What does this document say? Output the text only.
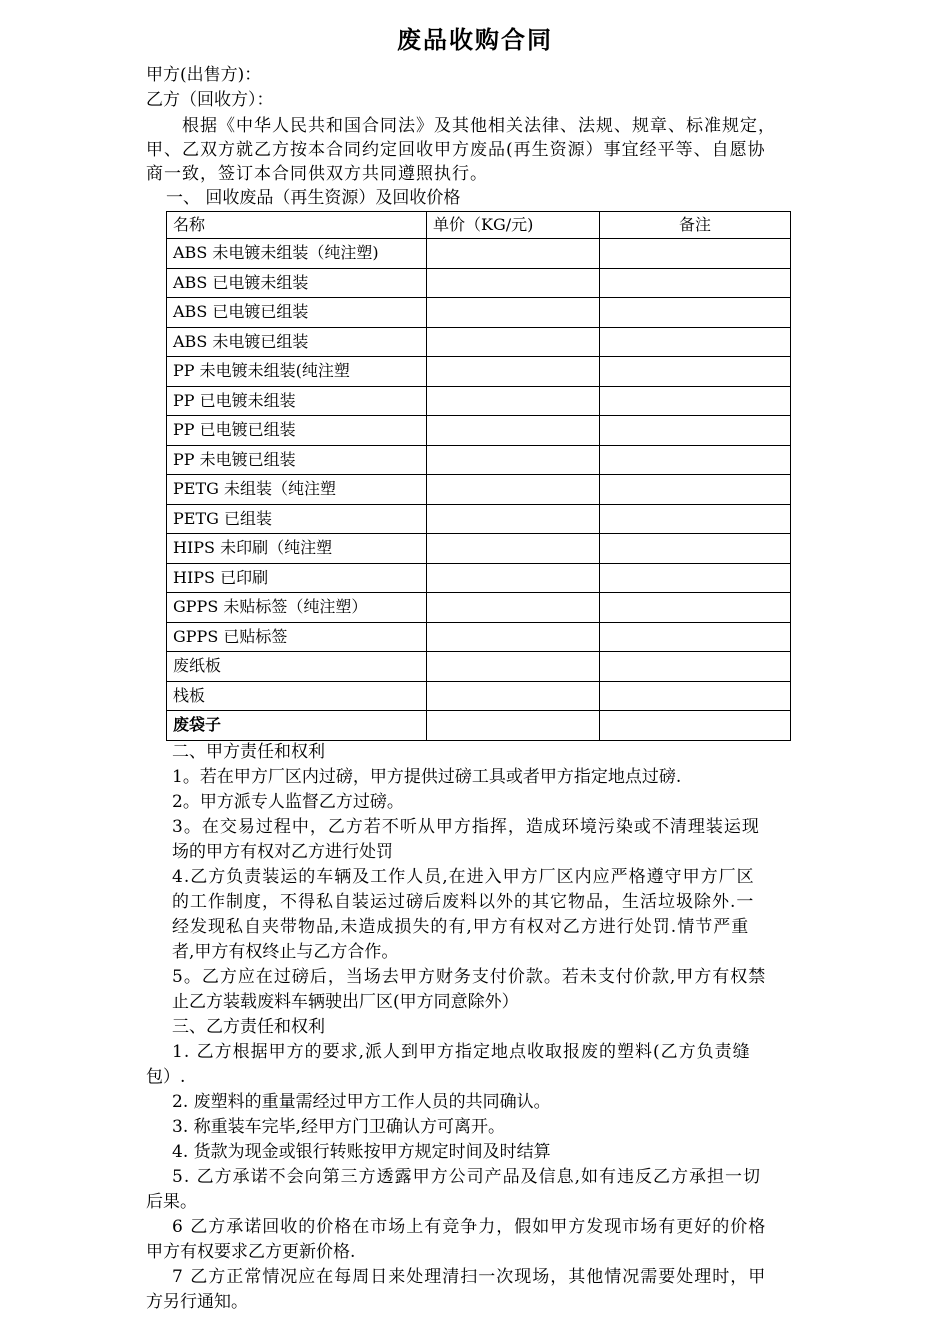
废品收购合同
甲方(出售方)：
乙方（回收方）：
根据《中华人民共和国合同法》及其他相关法律、法规、规章、标准规定，
甲、乙双方就乙方按本合同约定回收甲方废品(再生资源）事宜经平等、自愿协
商一致，签订本合同供双方共同遵照执行。
一、 回收废品（再生资源）及回收价格
名称	单价（KG/元)	备注
ABS 未电镀未组装（纯注塑)		
ABS 已电镀未组装		
ABS 已电镀已组装		
ABS 未电镀已组装		
PP 未电镀未组装(纯注塑		
PP 已电镀未组装		
PP 已电镀已组装		
PP 未电镀已组装		
PETG 未组装（纯注塑		
PETG 已组装		
HIPS 未印刷（纯注塑		
HIPS 已印刷		
GPPS 未贴标签（纯注塑）		
GPPS 已贴标签		
废纸板		
栈板		
废袋子		
二、甲方责任和权利
1。若在甲方厂区内过磅，甲方提供过磅工具或者甲方指定地点过磅.
2。甲方派专人监督乙方过磅。
3。在交易过程中，乙方若不听从甲方指挥，造成环境污染或不清理装运现
场的甲方有权对乙方进行处罚
4.乙方负责装运的车辆及工作人员,在进入甲方厂区内应严格遵守甲方厂区
的工作制度，不得私自装运过磅后废料以外的其它物品，生活垃圾除外.一
经发现私自夹带物品,未造成损失的有,甲方有权对乙方进行处罚.情节严重
者,甲方有权终止与乙方合作。
5。乙方应在过磅后，当场去甲方财务支付价款。若未支付价款,甲方有权禁
止乙方装载废料车辆驶出厂区(甲方同意除外）
三、乙方责任和权利
1. 乙方根据甲方的要求,派人到甲方指定地点收取报废的塑料(乙方负责缝
包）.
2. 废塑料的重量需经过甲方工作人员的共同确认。
3. 称重装车完毕,经甲方门卫确认方可离开。
4. 货款为现金或银行转账按甲方规定时间及时结算
5. 乙方承诺不会向第三方透露甲方公司产品及信息,如有违反乙方承担一切
后果。
6 乙方承诺回收的价格在市场上有竞争力，假如甲方发现市场有更好的价格
甲方有权要求乙方更新价格.
7 乙方正常情况应在每周日来处理清扫一次现场，其他情况需要处理时，甲
方另行通知。
